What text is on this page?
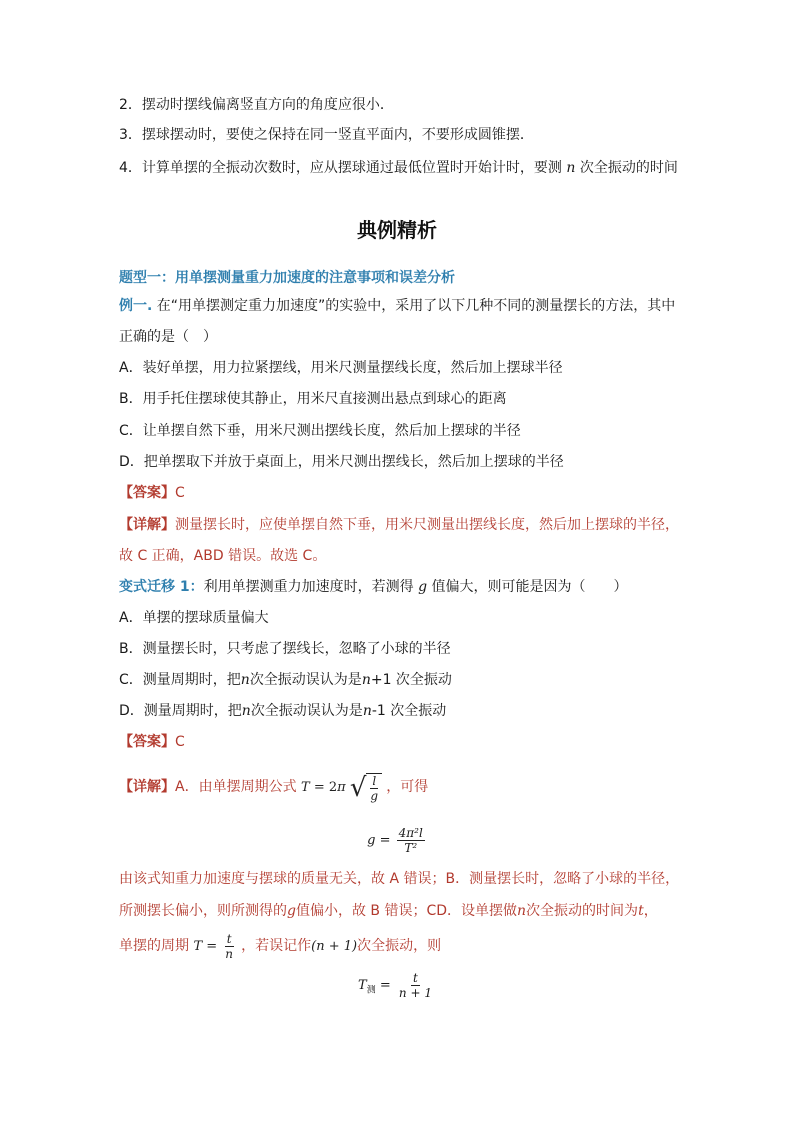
2．摆动时摆线偏离竖直方向的角度应很小．
3．摆球摆动时，要使之保持在同一竖直平面内，不要形成圆锥摆．
4．计算单摆的全振动次数时，应从摆球通过最低位置时开始计时，要测 n 次全振动的时间
典例精析
题型一：用单摆测量重力加速度的注意事项和误差分析
例一. 在“用单摆测定重力加速度”的实验中，采用了以下几种不同的测量摆长的方法，其中
正确的是（　）
A．装好单摆，用力拉紧摆线，用米尺测量摆线长度，然后加上摆球半径
B．用手托住摆球使其静止，用米尺直接测出悬点到球心的距离
C．让单摆自然下垂，用米尺测出摆线长度，然后加上摆球的半径
D．把单摆取下并放于桌面上，用米尺测出摆线长，然后加上摆球的半径
【答案】C
【详解】测量摆长时，应使单摆自然下垂，用米尺测量出摆线长度，然后加上摆球的半径，
故 C 正确，ABD 错误。故选 C。
变式迁移 1：利用单摆测重力加速度时，若测得 g 值偏大，则可能是因为（　　）
A．单摆的摆球质量偏大
B．测量摆长时，只考虑了摆线长，忽略了小球的半径
C．测量周期时，把n次全振动误认为是n+1 次全振动
D．测量周期时，把n次全振动误认为是n-1 次全振动
【答案】C
【详解】A．由单摆周期公式 T = 2π √ $\frac{l}{g}$ ，可得
$g = \frac{\text{4π²l}}{\text{T²}}$
由该式知重力加速度与摆球的质量无关，故 A 错误；B．测量摆长时，忽略了小球的半径，
所测摆长偏小，则所测得的g值偏小，故 B 错误；CD．设单摆做n次全振动的时间为t，
单摆的周期 $T = \frac{t}{n}$ ，若误记作(n + 1)次全振动，则
$T_测 = \frac{t}{n + 1}$
